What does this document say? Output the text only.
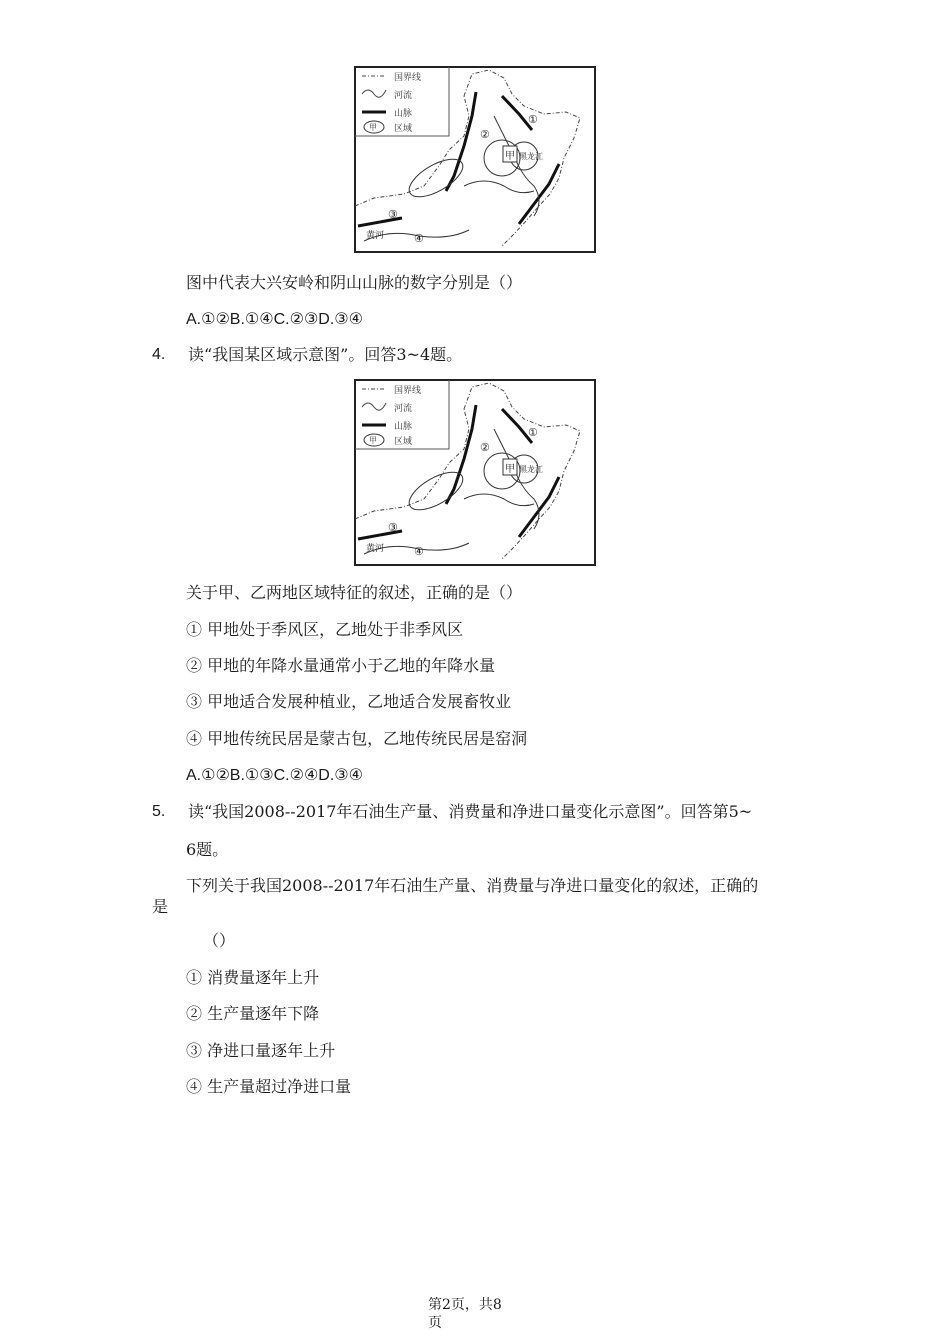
国界线
河流
山脉
甲 区域
甲 黑龙江
②
①
③
④
黄河
图中代表大兴安岭和阴山山脉的数字分别是（）
A.①②B.①④C.②③D.③④
4. 读“我国某区域示意图”。回答3~4题。
国界线
河流
山脉
甲 区域
甲 黑龙江
②
①
③
④
黄河
关于甲、乙两地区域特征的叙述，正确的是（）
① 甲地处于季风区，乙地处于非季风区
② 甲地的年降水量通常小于乙地的年降水量
③ 甲地适合发展种植业，乙地适合发展畜牧业
④ 甲地传统民居是蒙古包，乙地传统民居是窑洞
A.①②B.①③C.②④D.③④
5. 读“我国2008--2017年石油生产量、消费量和净进口量变化示意图”。回答第5~
6题。
下列关于我国2008--2017年石油生产量、消费量与净进口量变化的叙述，正确的
是
（）
① 消费量逐年上升
② 生产量逐年下降
③ 净进口量逐年上升
④ 生产量超过净进口量
第2页，共8
页
